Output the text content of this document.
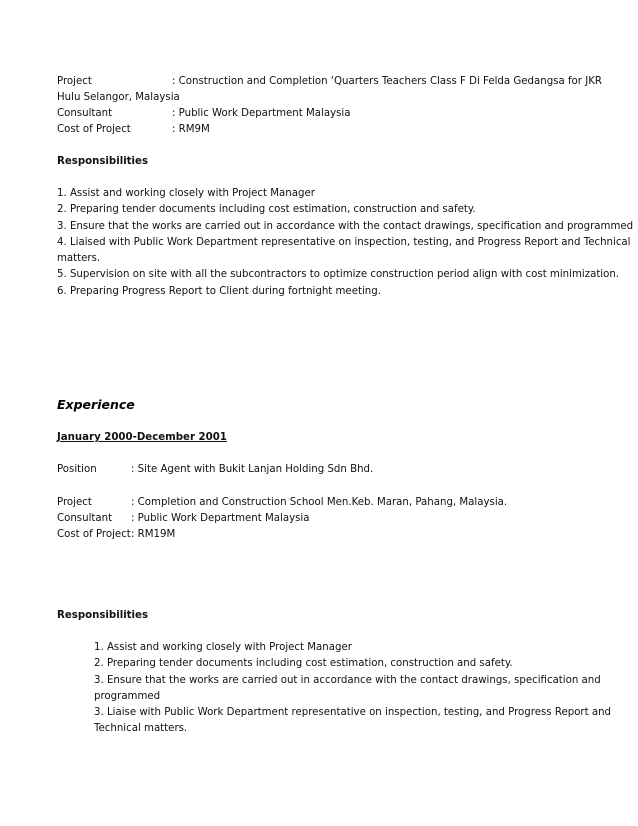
Project	: Construction and Completion ‘Quarters Teachers Class F Di Felda Gedangsa for JKR
Hulu Selangor, Malaysia
Consultant	: Public Work Department Malaysia
Cost of Project	: RM9M
Responsibilities
1. Assist and working closely with Project Manager
2. Preparing tender documents including cost estimation, construction and safety.
3. Ensure that the works are carried out in accordance with the contact drawings, specification and programmed
4. Liaised with Public Work Department representative on inspection, testing, and Progress Report and Technical
matters.
5. Supervision on site with all the subcontractors to optimize construction period align with cost minimization.
6. Preparing Progress Report to Client during fortnight meeting.
Experience
January 2000-December 2001
Position	: Site Agent with Bukit Lanjan Holding Sdn Bhd.
Project	: Completion and Construction School Men.Keb. Maran, Pahang, Malaysia.
Consultant : Public Work Department Malaysia
Cost of Project: RM19M
Responsibilities
1. Assist and working closely with Project Manager
2. Preparing tender documents including cost estimation, construction and safety.
3. Ensure that the works are carried out in accordance with the contact drawings, specification and
programmed
3. Liaise with Public Work Department representative on inspection, testing, and Progress Report and
Technical matters.
